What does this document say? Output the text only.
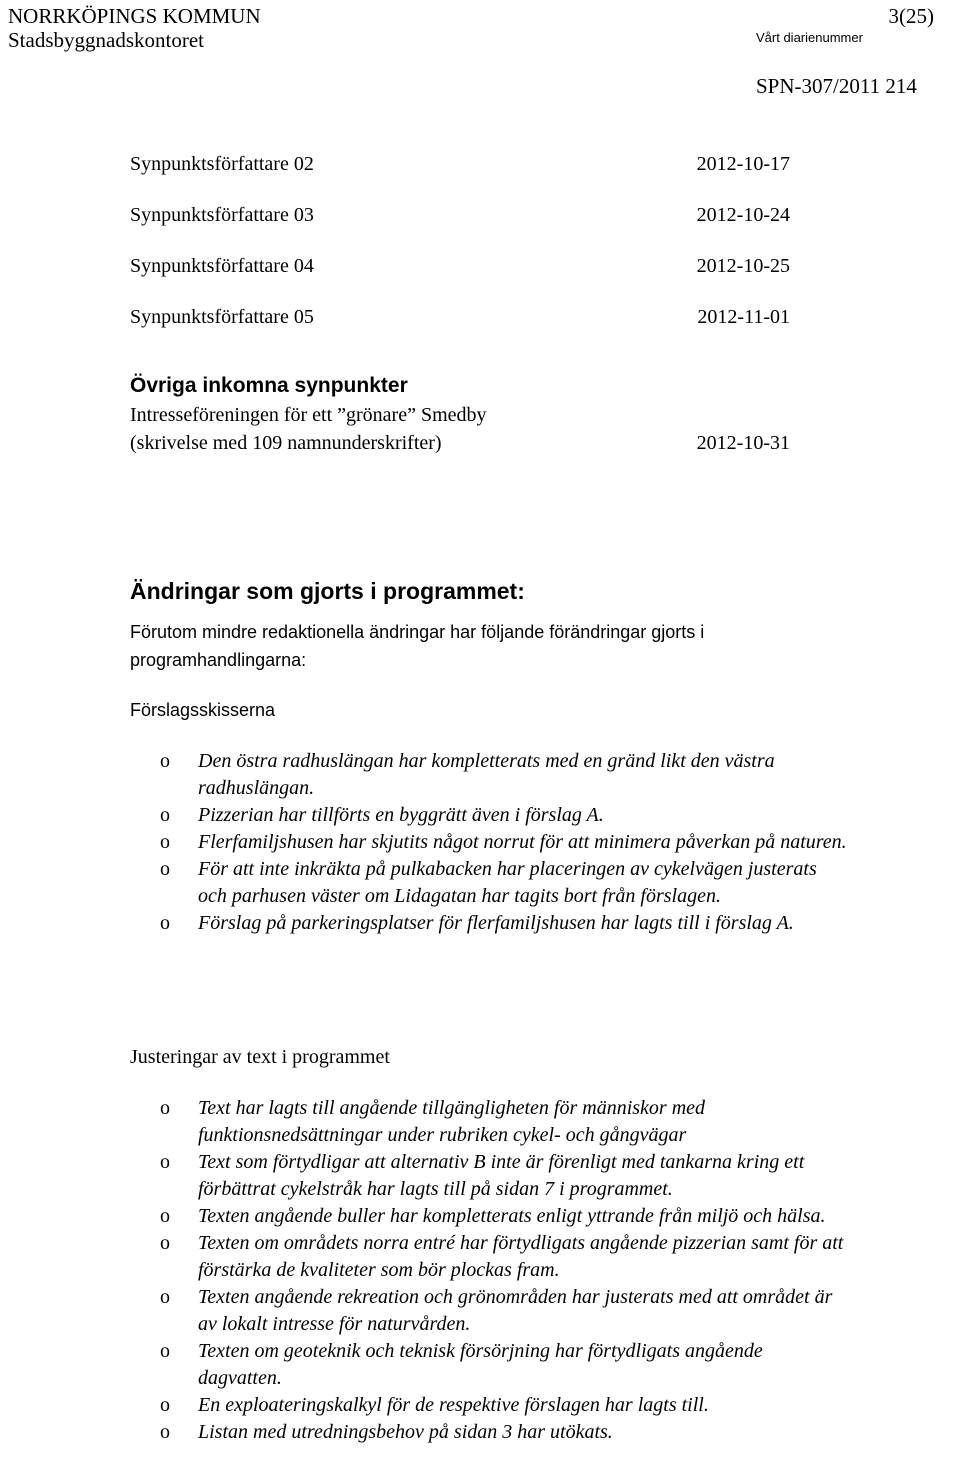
NORRKÖPINGS KOMMUN	3(25)
Stadsbyggnadskontoret	Vårt diarienummer
SPN-307/2011 214
Synpunktsförfattare 02	2012-10-17
Synpunktsförfattare 03	2012-10-24
Synpunktsförfattare 04	2012-10-25
Synpunktsförfattare 05	2012-11-01
Övriga inkomna synpunkter
Intresseföreningen för ett ”grönare” Smedby
(skrivelse med 109 namnunderskrifter)	2012-10-31
Ändringar som gjorts i programmet:
Förutom mindre redaktionella ändringar har följande förändringar gjorts i
programhandlingarna:
Förslagsskisserna
o Den östra radhuslängan har kompletterats med en gränd likt den västra radhuslängan.
o Pizzerian har tillförts en byggrätt även i förslag A.
o Flerfamiljshusen har skjutits något norrut för att minimera påverkan på naturen.
o För att inte inkräkta på pulkabacken har placeringen av cykelvägen justerats och parhusen väster om Lidagatan har tagits bort från förslagen.
o Förslag på parkeringsplatser för flerfamiljshusen har lagts till i förslag A.
Justeringar av text i programmet
o Text har lagts till angående tillgängligheten för människor med funktionsnedsättningar under rubriken cykel- och gångvägar
o Text som förtydligar att alternativ B inte är förenligt med tankarna kring ett förbättrat cykelstråk har lagts till på sidan 7 i programmet.
o Texten angående buller har kompletterats enligt yttrande från miljö och hälsa.
o Texten om områdets norra entré har förtydligats angående pizzerian samt för att förstärka de kvaliteter som bör plockas fram.
o Texten angående rekreation och grönområden har justerats med att området är av lokalt intresse för naturvården.
o Texten om geoteknik och teknisk försörjning har förtydligats angående dagvatten.
o En exploateringskalkyl för de respektive förslagen har lagts till.
o Listan med utredningsbehov på sidan 3 har utökats.
